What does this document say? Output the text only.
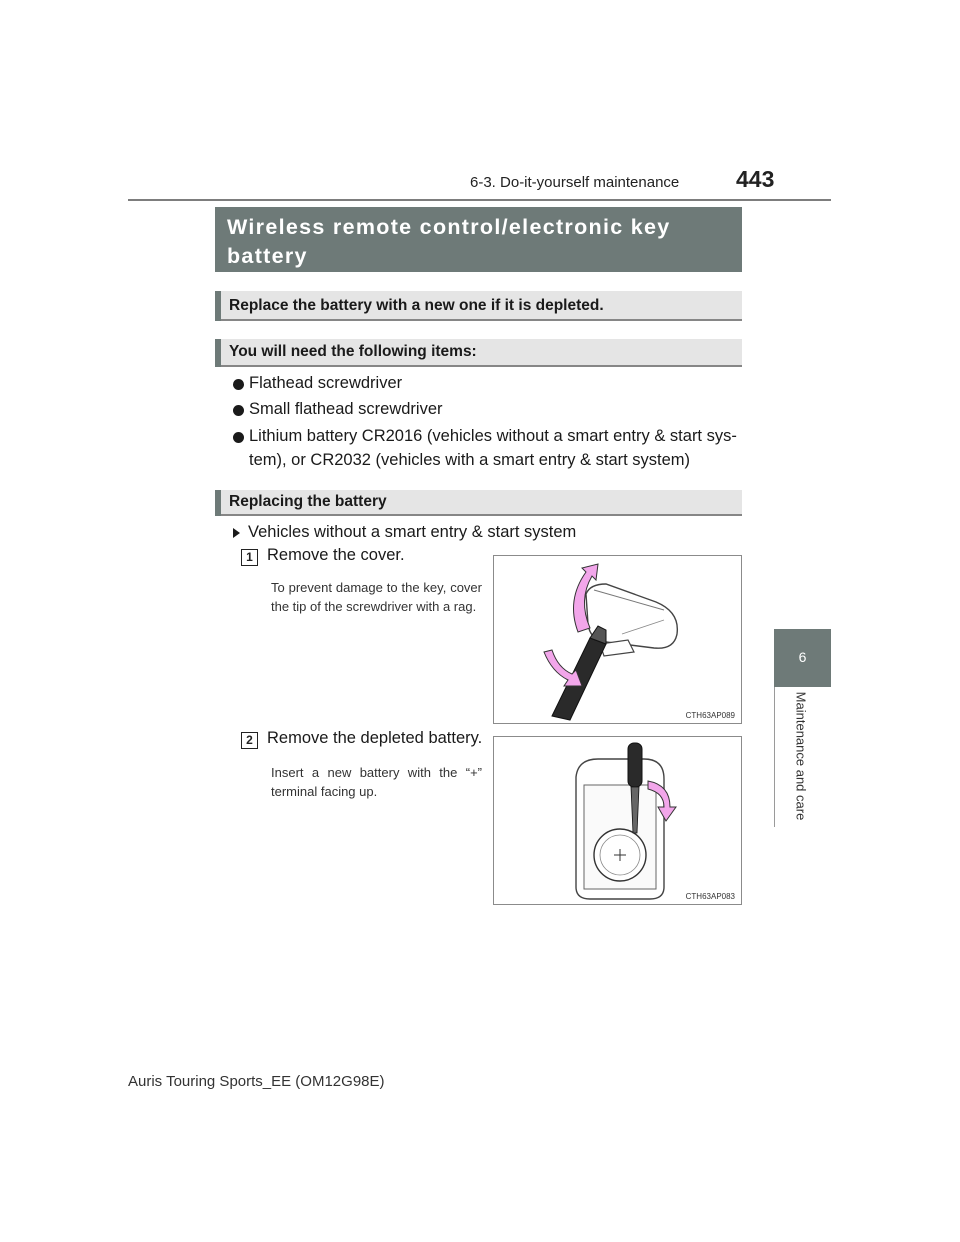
6-3. Do-it-yourself maintenance 443
Wireless remote control/electronic key battery
Replace the battery with a new one if it is depleted.
You will need the following items:
Flathead screwdriver
Small flathead screwdriver
Lithium battery CR2016 (vehicles without a smart entry & start sys-
tem), or CR2032 (vehicles with a smart entry & start system)
Replacing the battery
Vehicles without a smart entry & start system
1 Remove the cover.
To prevent damage to the key, cover the tip of the screwdriver with a rag.
CTH63AP089
2 Remove the depleted battery.
Insert a new battery with the “+” terminal facing up.
CTH63AP083
6
Maintenance and care
Auris Touring Sports_EE (OM12G98E)
